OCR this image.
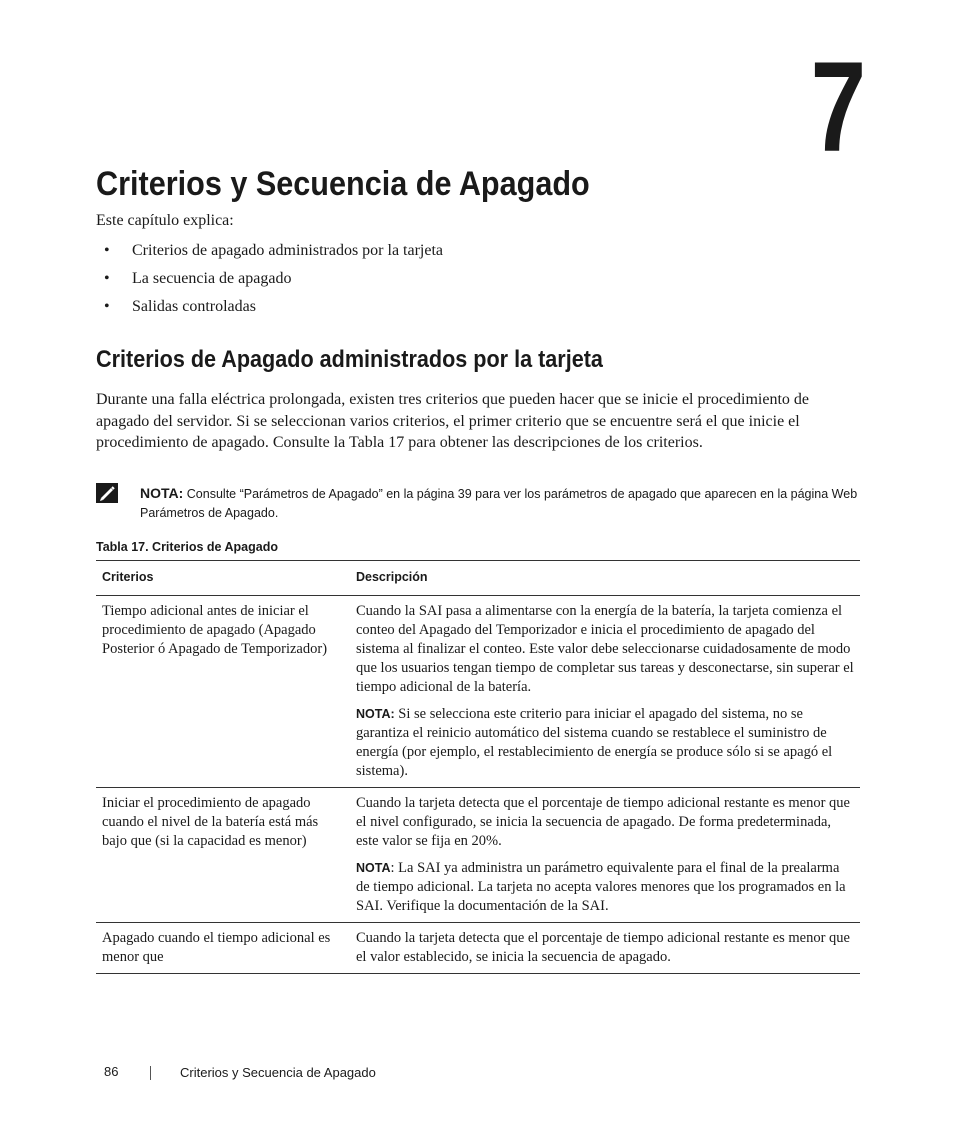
7
Criterios y Secuencia de Apagado
Este capítulo explica:
• Criterios de apagado administrados por la tarjeta
• La secuencia de apagado
• Salidas controladas
Criterios de Apagado administrados por la tarjeta

Durante una falla eléctrica prolongada, existen tres criterios que pueden hacer que se inicie el procedimiento de apagado del servidor. Si se seleccionan varios criterios, el primer criterio que se encuentre será el que inicie el procedimiento de apagado. Consulte la Tabla 17 para obtener las descripciones de los criterios.

NOTA: Consulte “Parámetros de Apagado” en la página 39 para ver los parámetros de apagado que aparecen en la página Web Parámetros de Apagado.
Tabla 17. Criterios de Apagado
Criterios	Descripción
Tiempo adicional antes de iniciar el procedimiento de apagado (Apagado Posterior ó Apagado de Temporizador)	Cuando la SAI pasa a alimentarse con la energía de la batería, la tarjeta comienza el conteo del Apagado del Temporizador e inicia el procedimiento de apagado del sistema al finalizar el conteo. Este valor debe seleccionarse cuidadosamente de modo que los usuarios tengan tiempo de completar sus tareas y desconectarse, sin superar el tiempo adicional de la batería.
NOTA: Si se selecciona este criterio para iniciar el apagado del sistema, no se garantiza el reinicio automático del sistema cuando se restablece el suministro de energía (por ejemplo, el restablecimiento de energía se produce sólo si se apagó el sistema).

Iniciar el procedimiento de apagado cuando el nivel de la batería está más bajo que (si la capacidad es menor)	Cuando la tarjeta detecta que el porcentaje de tiempo adicional restante es menor que el nivel configurado, se inicia la secuencia de apagado. De forma predeterminada, este valor se fija en 20%.
NOTA: La SAI ya administra un parámetro equivalente para el final de la prealarma de tiempo adicional. La tarjeta no acepta valores menores que los programados en la SAI. Verifique la documentación de la SAI.

Apagado cuando el tiempo adicional es menor que	Cuando la tarjeta detecta que el porcentaje de tiempo adicional restante es menor que el valor establecido, se inicia la secuencia de apagado.
86	Criterios y Secuencia de Apagado
